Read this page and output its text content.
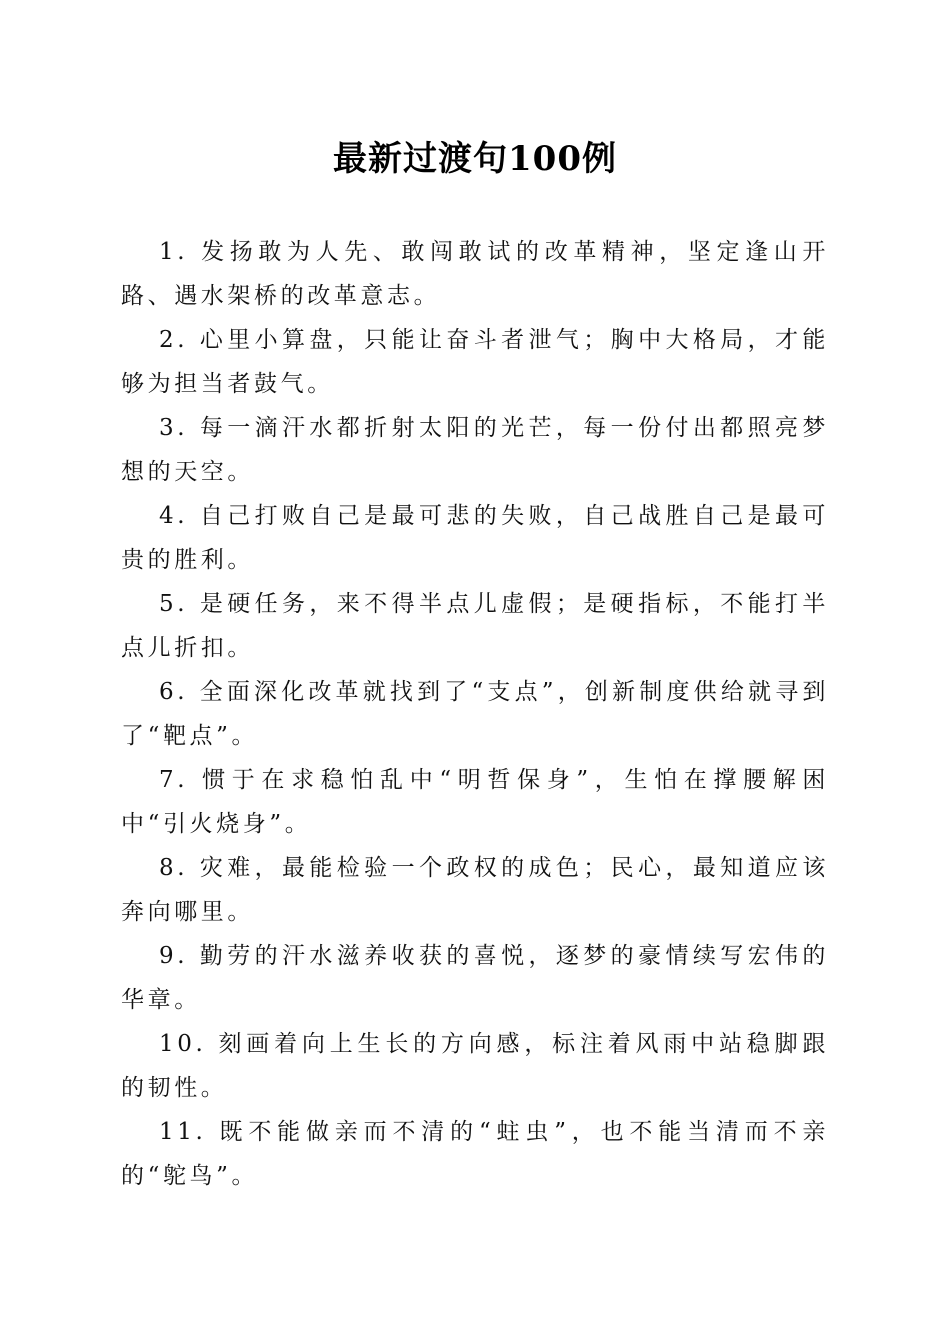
最新过渡句100例

1. 发扬敢为人先、敢闯敢试的改革精神，坚定逢山开路、遇水架桥的改革意志。

2. 心里小算盘，只能让奋斗者泄气；胸中大格局，才能够为担当者鼓气。

3. 每一滴汗水都折射太阳的光芒，每一份付出都照亮梦想的天空。

4. 自己打败自己是最可悲的失败，自己战胜自己是最可贵的胜利。

5. 是硬任务，来不得半点儿虚假；是硬指标，不能打半点儿折扣。

6. 全面深化改革就找到了“支点”，创新制度供给就寻到了“靶点”。

7. 惯于在求稳怕乱中“明哲保身”，生怕在撑腰解困中“引火烧身”。

8. 灾难，最能检验一个政权的成色；民心，最知道应该奔向哪里。

9. 勤劳的汗水滋养收获的喜悦，逐梦的豪情续写宏伟的华章。

10. 刻画着向上生长的方向感，标注着风雨中站稳脚跟的韧性。

11. 既不能做亲而不清的“蛀虫”，也不能当清而不亲的“鸵鸟”。
